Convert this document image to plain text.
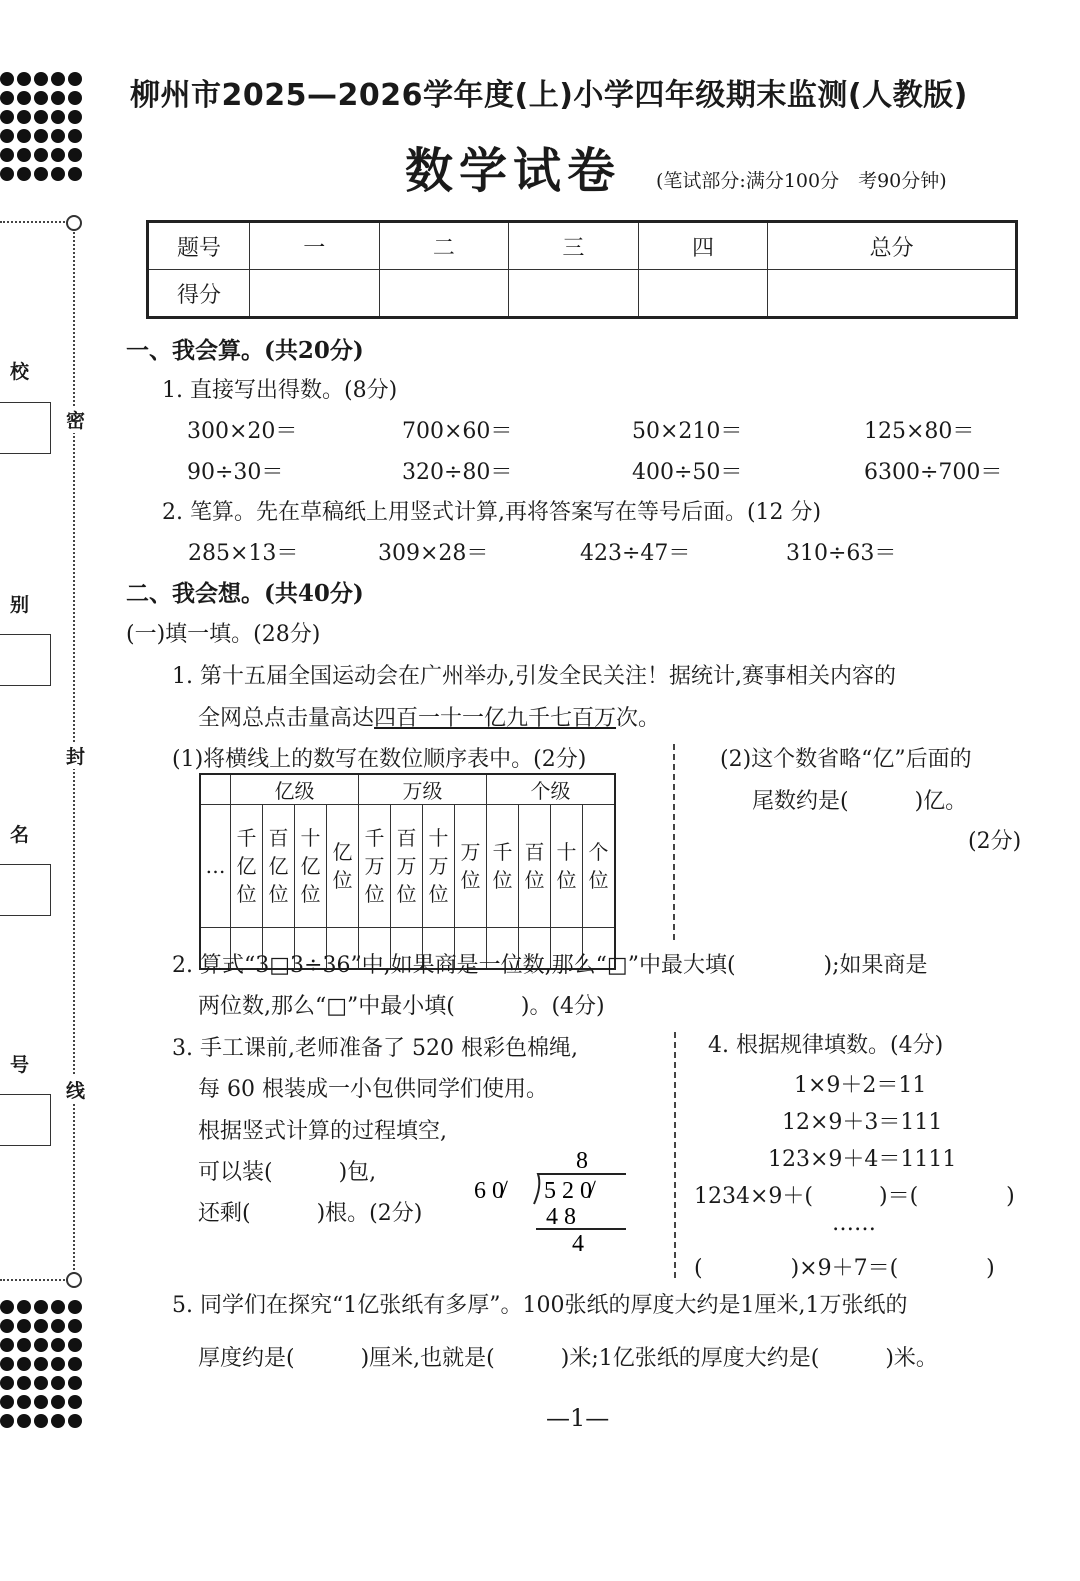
校
别
名
号
密
封
线
柳州市2025—2026学年度(上)小学四年级期末监测(人教版)
数学试卷 (笔试部分:满分100分　考90分钟)
题号	一	二	三	四	总分
得分					
一、我会算。(共20分)
1. 直接写出得数。(8分)
300×20＝	700×60＝	50×210＝	125×80＝
90÷30＝	320÷80＝	400÷50＝	6300÷700＝
2. 笔算。先在草稿纸上用竖式计算,再将答案写在等号后面。(12 分)
285×13＝	309×28＝	423÷47＝	310÷63＝
二、我会想。(共40分)
(一)填一填。(28分)
1. 第十五届全国运动会在广州举办,引发全民关注！据统计,赛事相关内容的
全网总点击量高达四百一十一亿九千七百万次。
(1)将横线上的数写在数位顺序表中。(2分)	(2)这个数省略“亿”后面的
尾数约是(　　　)亿。
(2分)
	亿级				万级				个级			
…	千亿位	百亿位	十亿位	亿位	千万位	百万位	十万位	万位	千位	百位	十位	个位

2. 算式“3□3÷36”中,如果商是一位数,那么“□”中最大填(　　　　);如果商是
两位数,那么“□”中最小填(　　　)。(4分)
3. 手工课前,老师准备了 520 根彩色棉绳,
每 60 根装成一小包供同学们使用。
根据竖式计算的过程填空,
可以装(　　　)包,
还剩(　　　)根。(2分)
8
6 0̸ 5 2 0̸
4 8
4
4. 根据规律填数。(4分)
1×9＋2＝11
12×9＋3＝111
123×9＋4＝1111
1234×9＋(　　　)＝(　　　　)
……
(　　　　)×9＋7＝(　　　　)
5. 同学们在探究“1亿张纸有多厚”。100张纸的厚度大约是1厘米,1万张纸的
厚度约是(　　　)厘米,也就是(　　　)米;1亿张纸的厚度大约是(　　　)米。
—1—
